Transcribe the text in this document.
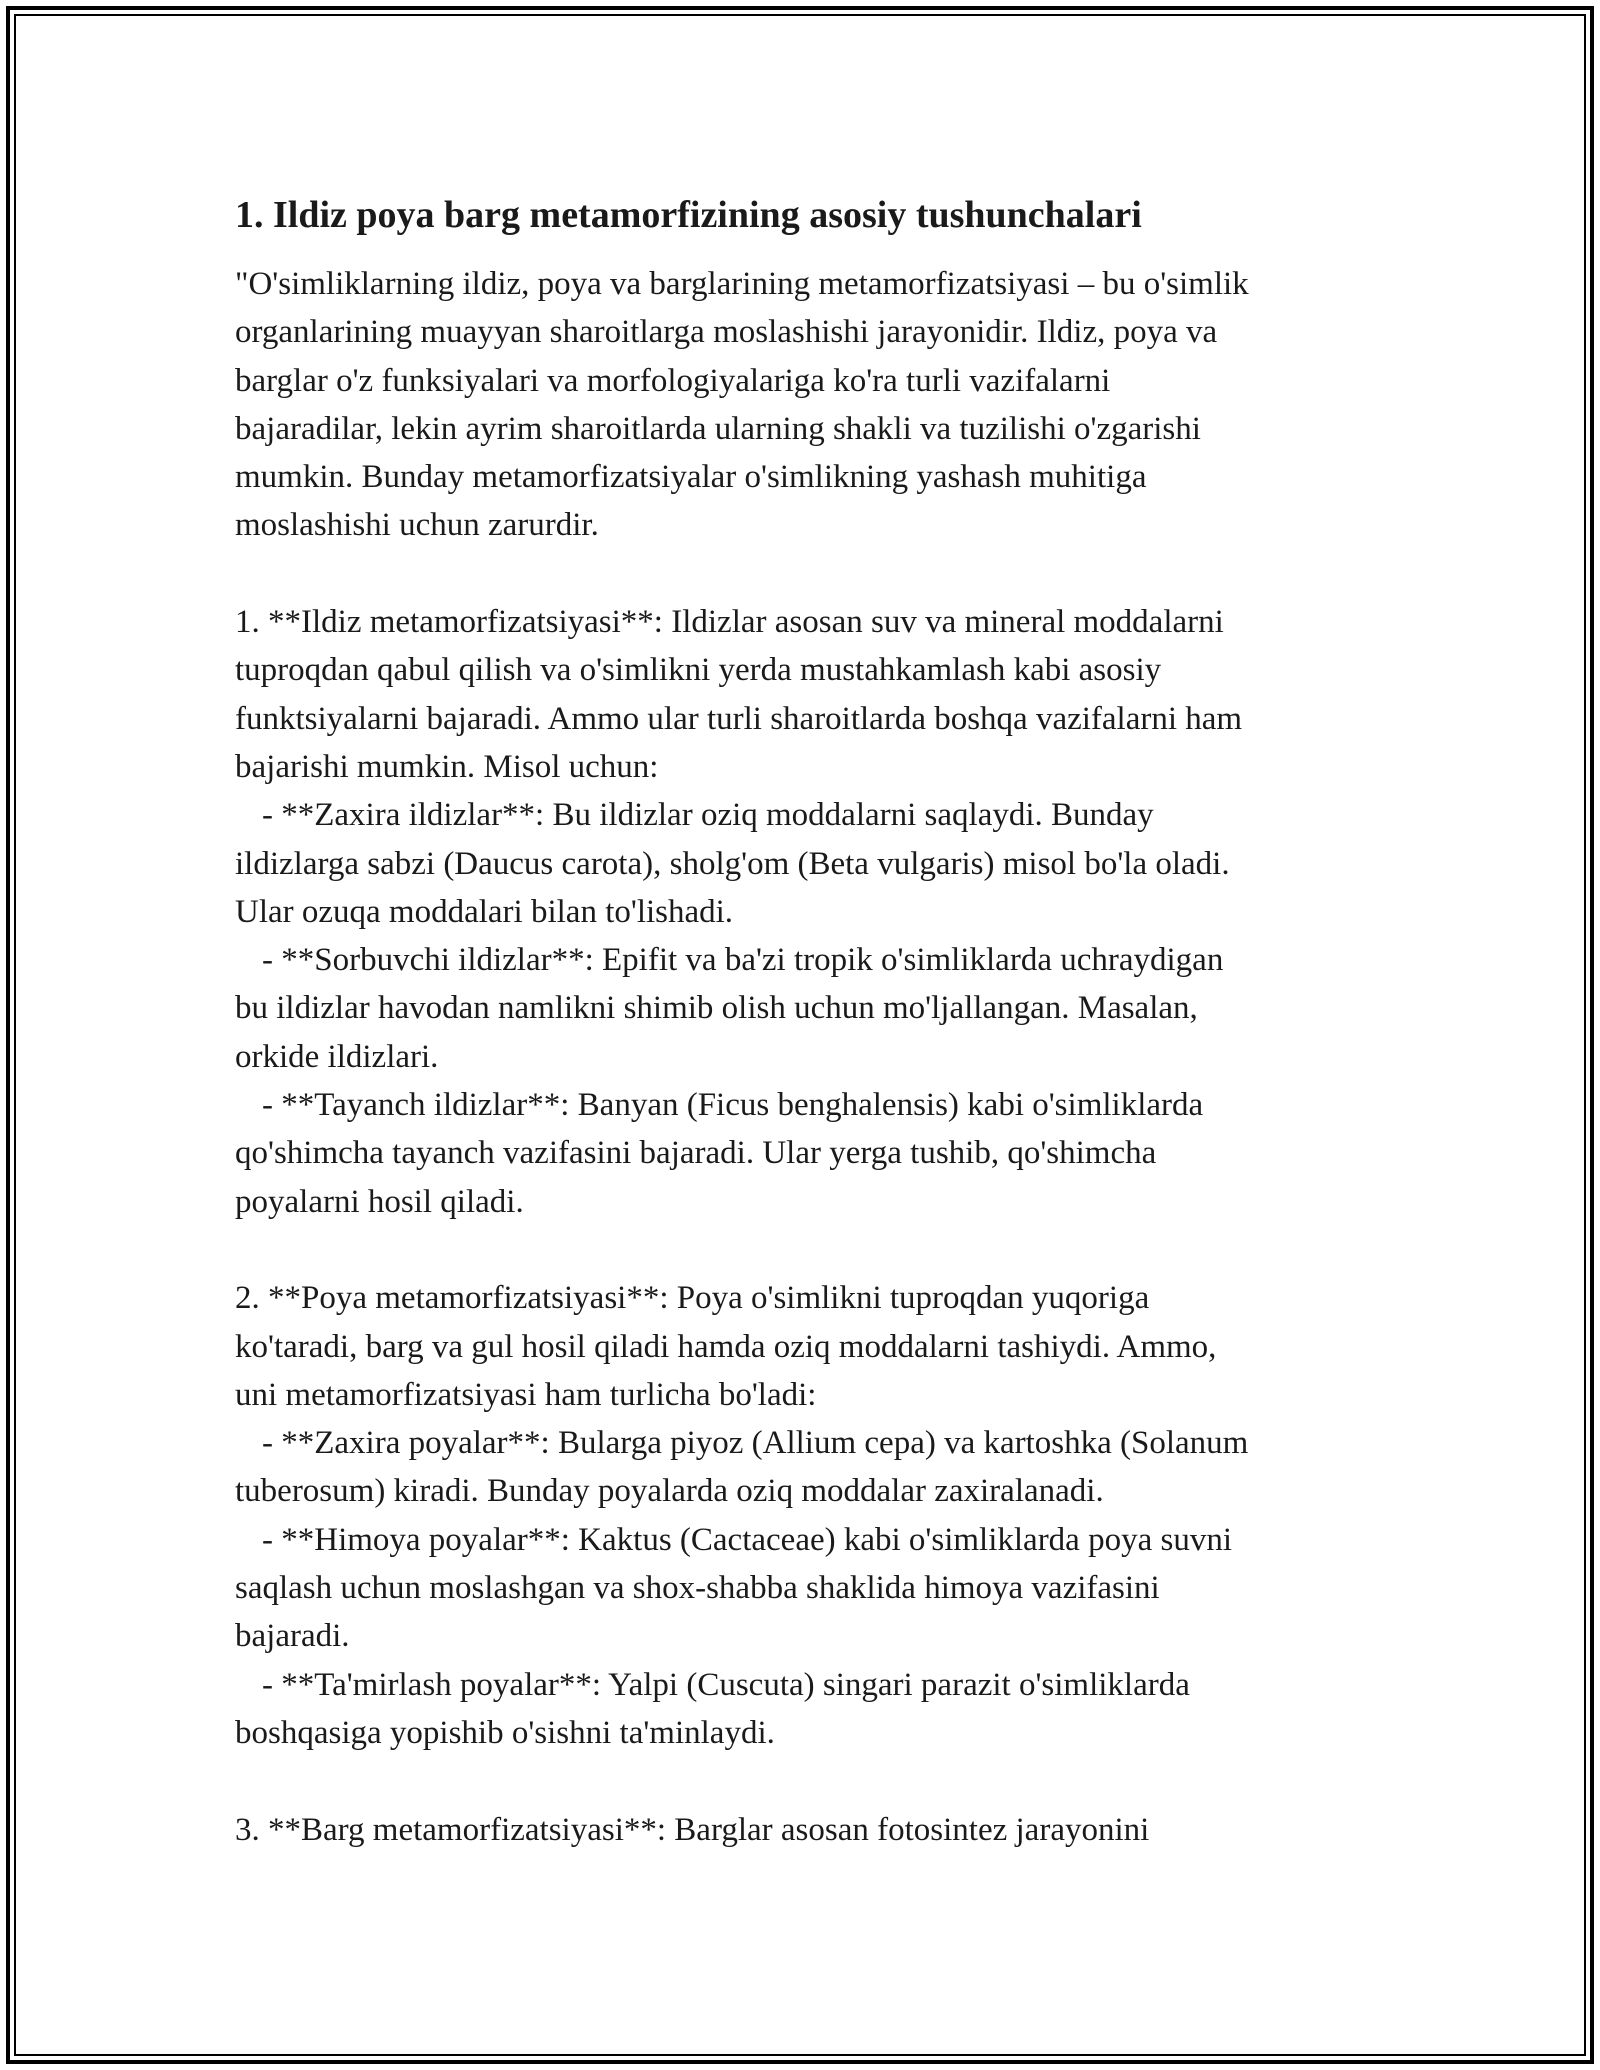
1. Ildiz poya barg metamorfizining asosiy tushunchalari
"O'simliklarning ildiz, poya va barglarining metamorfizatsiyasi – bu o'simlik
organlarining muayyan sharoitlarga moslashishi jarayonidir. Ildiz, poya va
barglar o'z funksiyalari va morfologiyalariga ko'ra turli vazifalarni
bajaradilar, lekin ayrim sharoitlarda ularning shakli va tuzilishi o'zgarishi
mumkin. Bunday metamorfizatsiyalar o'simlikning yashash muhitiga
moslashishi uchun zarurdir.
1. **Ildiz metamorfizatsiyasi**: Ildizlar asosan suv va mineral moddalarni
tuproqdan qabul qilish va o'simlikni yerda mustahkamlash kabi asosiy
funktsiyalarni bajaradi. Ammo ular turli sharoitlarda boshqa vazifalarni ham
bajarishi mumkin. Misol uchun:
- **Zaxira ildizlar**: Bu ildizlar oziq moddalarni saqlaydi. Bunday
ildizlarga sabzi (Daucus carota), sholg'om (Beta vulgaris) misol bo'la oladi.
Ular ozuqa moddalari bilan to'lishadi.
- **Sorbuvchi ildizlar**: Epifit va ba'zi tropik o'simliklarda uchraydigan
bu ildizlar havodan namlikni shimib olish uchun mo'ljallangan. Masalan,
orkide ildizlari.
- **Tayanch ildizlar**: Banyan (Ficus benghalensis) kabi o'simliklarda
qo'shimcha tayanch vazifasini bajaradi. Ular yerga tushib, qo'shimcha
poyalarni hosil qiladi.
2. **Poya metamorfizatsiyasi**: Poya o'simlikni tuproqdan yuqoriga
ko'taradi, barg va gul hosil qiladi hamda oziq moddalarni tashiydi. Ammo,
uni metamorfizatsiyasi ham turlicha bo'ladi:
- **Zaxira poyalar**: Bularga piyoz (Allium cepa) va kartoshka (Solanum
tuberosum) kiradi. Bunday poyalarda oziq moddalar zaxiralanadi.
- **Himoya poyalar**: Kaktus (Cactaceae) kabi o'simliklarda poya suvni
saqlash uchun moslashgan va shox-shabba shaklida himoya vazifasini
bajaradi.
- **Ta'mirlash poyalar**: Yalpi (Cuscuta) singari parazit o'simliklarda
boshqasiga yopishib o'sishni ta'minlaydi.
3. **Barg metamorfizatsiyasi**: Barglar asosan fotosintez jarayonini
